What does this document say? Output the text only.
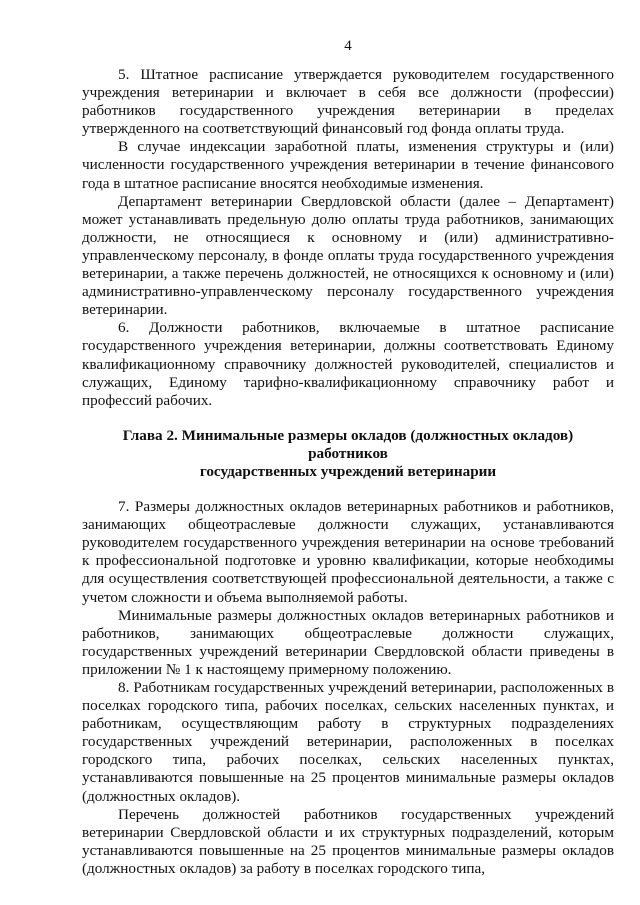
4

5. Штатное расписание утверждается руководителем государственного учреждения ветеринарии и включает в себя все должности (профессии) работников государственного учреждения ветеринарии в пределах утвержденного на соответствующий финансовый год фонда оплаты труда.

В случае индексации заработной платы, изменения структуры и (или) численности государственного учреждения ветеринарии в течение финансового года в штатное расписание вносятся необходимые изменения.

Департамент ветеринарии Свердловской области (далее – Департамент) может устанавливать предельную долю оплаты труда работников, занимающих должности, не относящиеся к основному и (или) административно-управленческому персоналу, в фонде оплаты труда государственного учреждения ветеринарии, а также перечень должностей, не относящихся к основному и (или) административно-управленческому персоналу государственного учреждения ветеринарии.

6. Должности работников, включаемые в штатное расписание государственного учреждения ветеринарии, должны соответствовать Единому квалификационному справочнику должностей руководителей, специалистов и служащих, Единому тарифно-квалификационному справочнику работ и профессий рабочих.

Глава 2. Минимальные размеры окладов (должностных окладов) работников
государственных учреждений ветеринарии

7. Размеры должностных окладов ветеринарных работников и работников, занимающих общеотраслевые должности служащих, устанавливаются руководителем государственного учреждения ветеринарии на основе требований к профессиональной подготовке и уровню квалификации, которые необходимы для осуществления соответствующей профессиональной деятельности, а также с учетом сложности и объема выполняемой работы.

Минимальные размеры должностных окладов ветеринарных работников и работников, занимающих общеотраслевые должности служащих, государственных учреждений ветеринарии Свердловской области приведены в приложении № 1 к настоящему примерному положению.

8. Работникам государственных учреждений ветеринарии, расположенных в поселках городского типа, рабочих поселках, сельских населенных пунктах, и работникам, осуществляющим работу в структурных подразделениях государственных учреждений ветеринарии, расположенных в поселках городского типа, рабочих поселках, сельских населенных пунктах, устанавливаются повышенные на 25 процентов минимальные размеры окладов (должностных окладов).

Перечень должностей работников государственных учреждений ветеринарии Свердловской области и их структурных подразделений, которым устанавливаются повышенные на 25 процентов минимальные размеры окладов (должностных окладов) за работу в поселках городского типа,
